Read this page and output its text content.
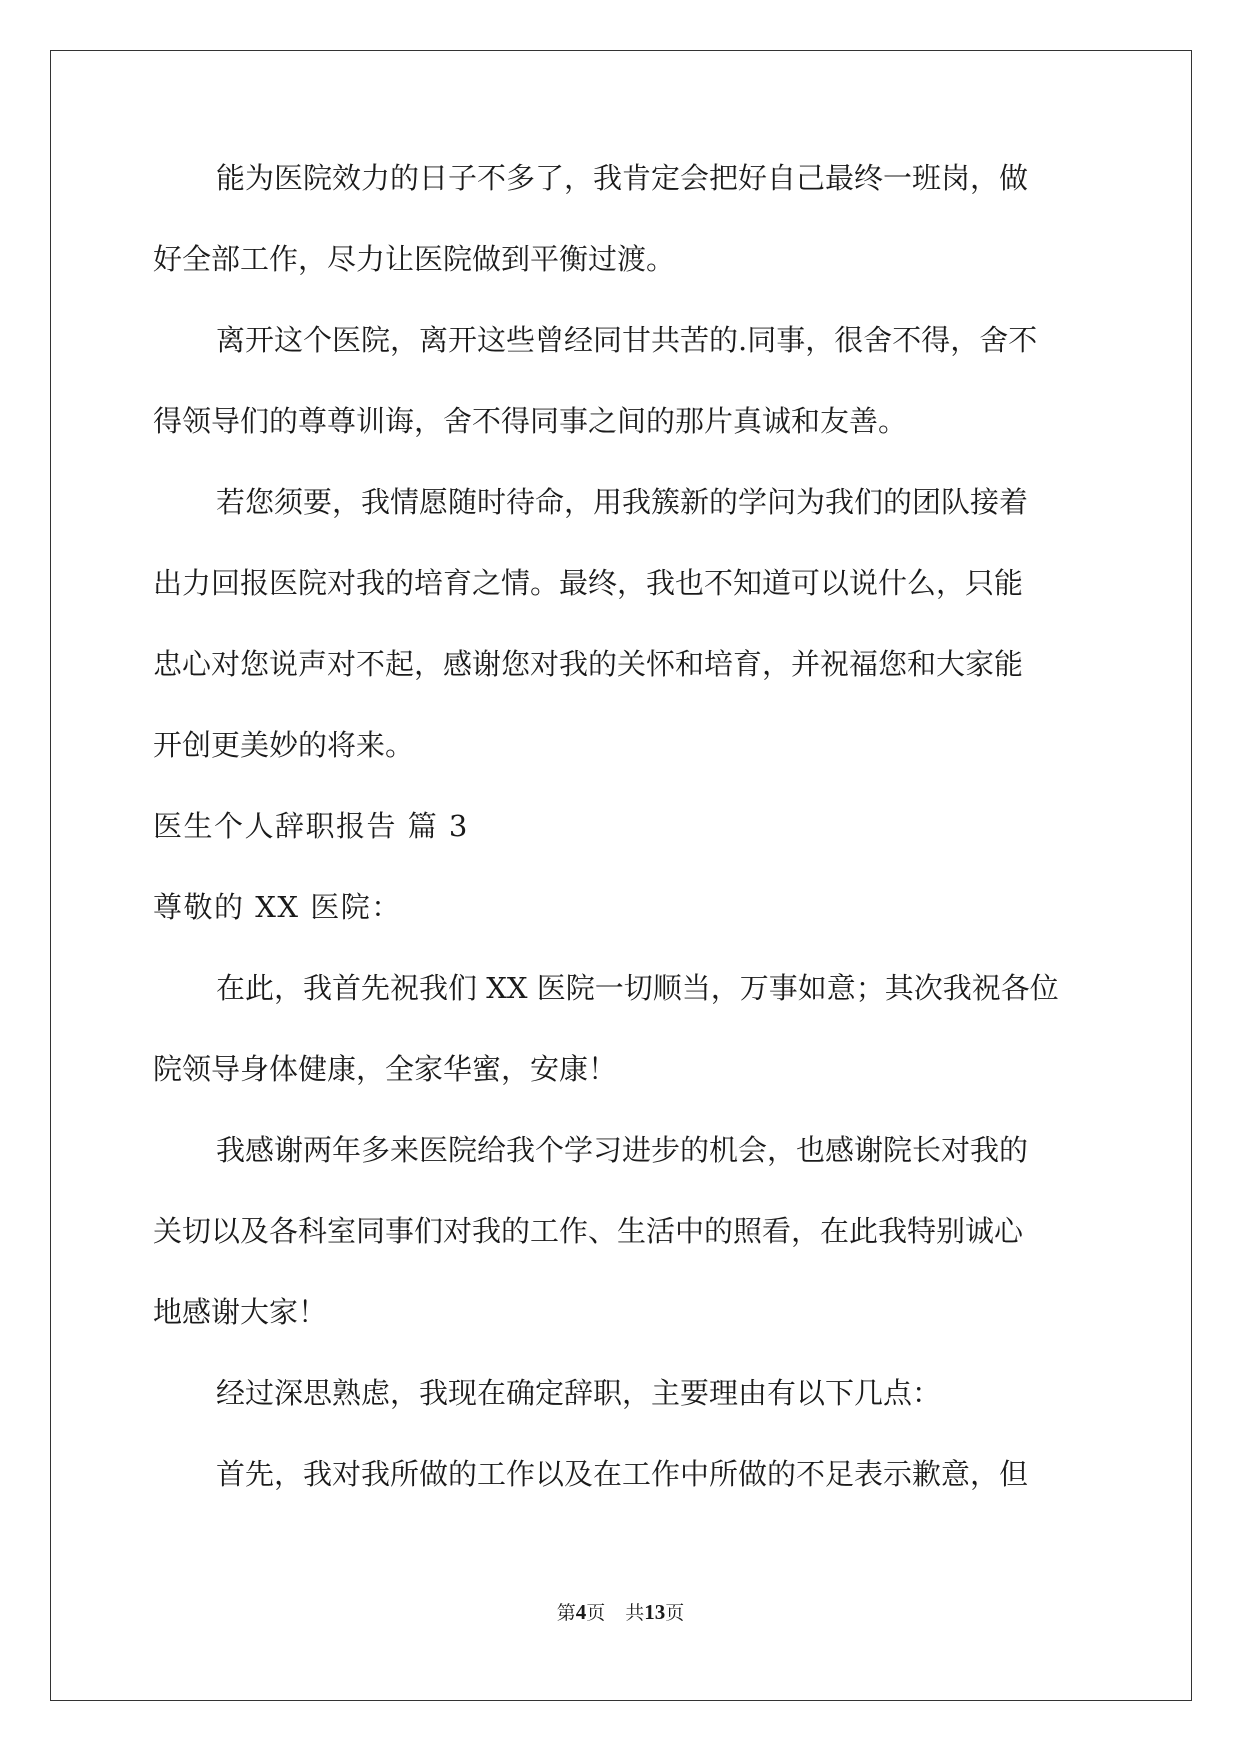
能为医院效力的日子不多了，我肯定会把好自己最终一班岗，做
好全部工作，尽力让医院做到平衡过渡。
离开这个医院，离开这些曾经同甘共苦的.同事，很舍不得，舍不
得领导们的尊尊训诲，舍不得同事之间的那片真诚和友善。
若您须要，我情愿随时待命，用我簇新的学问为我们的团队接着
出力回报医院对我的培育之情。最终，我也不知道可以说什么，只能
忠心对您说声对不起，感谢您对我的关怀和培育，并祝福您和大家能
开创更美妙的将来。
医生个人辞职报告 篇 3
尊敬的 XX 医院：
在此，我首先祝我们 XX 医院一切顺当，万事如意；其次我祝各位
院领导身体健康，全家华蜜，安康！
我感谢两年多来医院给我个学习进步的机会，也感谢院长对我的
关切以及各科室同事们对我的工作、生活中的照看，在此我特别诚心
地感谢大家！
经过深思熟虑，我现在确定辞职，主要理由有以下几点：
首先，我对我所做的工作以及在工作中所做的不足表示歉意，但
第4页 共13页
